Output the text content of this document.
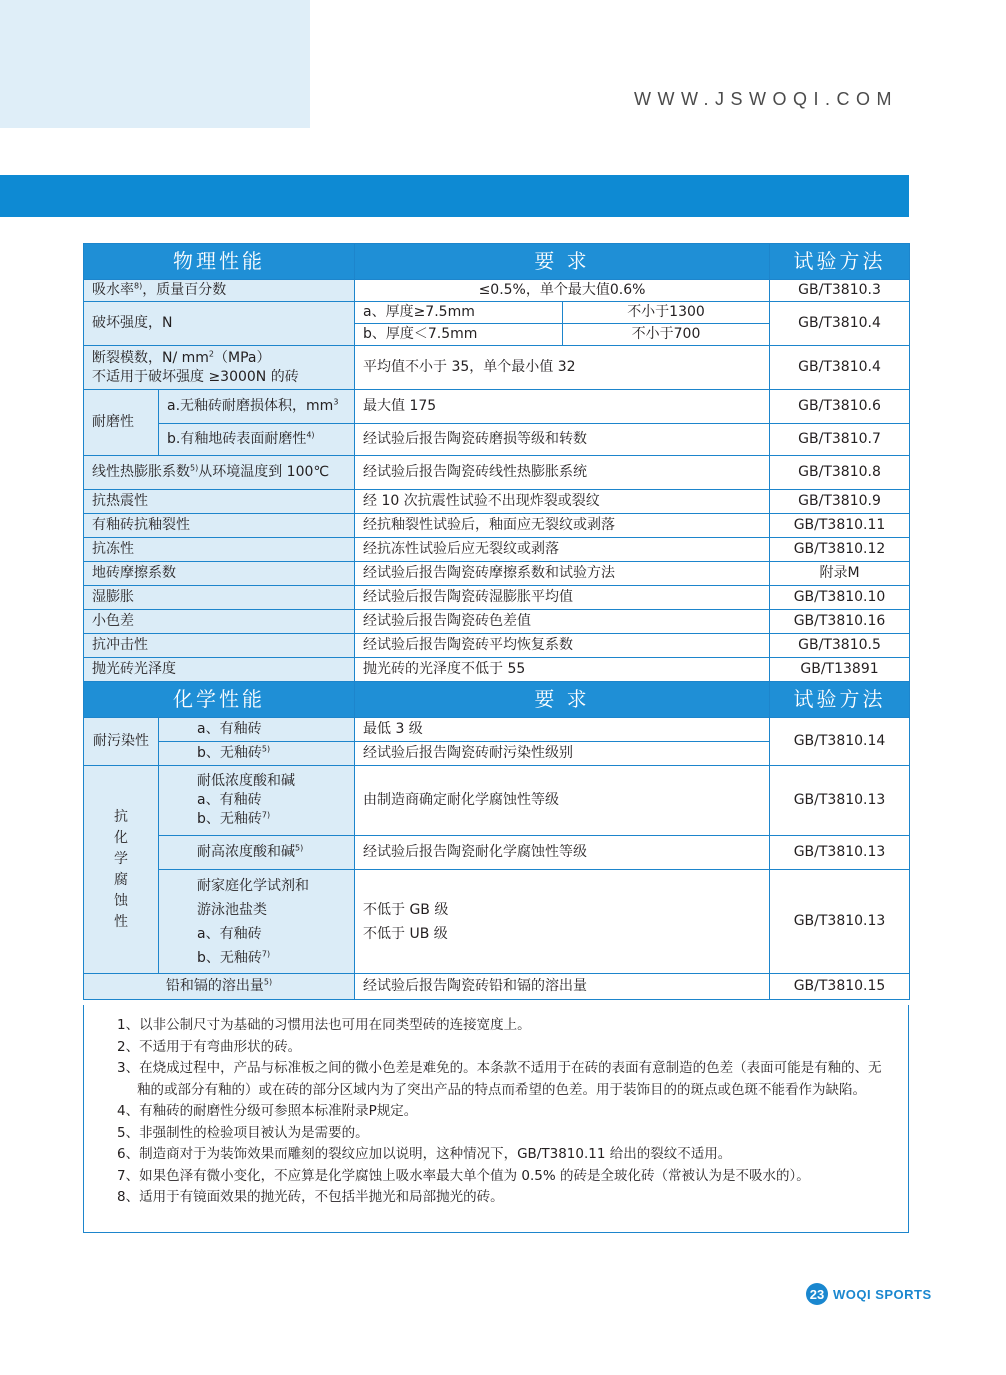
WWW.JSWOQI.COM
物理性能		要 求		试验方法
吸水率$^{8)}$，质量百分数		≤0.5%，单个最大值0.6%		GB/T3810.3
破坏强度，N		a、厚度≥7.5mm	不小于1300	GB/T3810.4
		b、厚度＜7.5mm	不小于700	

断裂模数，N/ $mm^2(MPa)$
不适用于破坏强度 ≥3000N 的砖		平均值不小于 35，单个最小值 32		GB/T3810.4
耐磨性	a.无釉砖耐磨损体积，$mm^3$	最大值 175		GB/T3810.6
	b.有釉地砖表面耐磨性$^{4)}$	经试验后报告陶瓷砖磨损等级和转数		GB/T3810.7
线性热膨胀系数$^{5)}$从环境温度到 100℃		经试验后报告陶瓷砖线性热膨胀系统		GB/T3810.8
抗热震性		经 10 次抗震性试验不出现炸裂或裂纹		GB/T3810.9
有釉砖抗釉裂性		经抗釉裂性试验后，釉面应无裂纹或剥落		GB/T3810.11
抗冻性		经抗冻性试验后应无裂纹或剥落		GB/T3810.12
地砖摩擦系数		经试验后报告陶瓷砖摩擦系数和试验方法		附录M
湿膨胀		经试验后报告陶瓷砖湿膨胀平均值		GB/T3810.10
小色差		经试验后报告陶瓷砖色差值		GB/T3810.16
抗冲击性		经试验后报告陶瓷砖平均恢复系数		GB/T3810.5
抛光砖光泽度		抛光砖的光泽度不低于 55		GB/T13891
化学性能		要 求		试验方法
耐污染性	a、有釉砖	最低 3 级		GB/T3810.14
	b、无釉砖$^{5)}$	经试验后报告陶瓷砖耐污染性级别		
抗化学腐蚀性	耐低浓度酸和碱
a、有釉砖
b、无釉砖$^{7)}$	由制造商确定耐化学腐蚀性等级		GB/T3810.13
	耐高浓度酸和碱$^{5)}$	经试验后报告陶瓷耐化学腐蚀性等级		GB/T3810.13

	耐家庭化学试剂和
游泳池盐类
a、有釉砖
b、无釉砖$^{7)}$	不低于 GB 级
不低于 UB 级		GB/T3810.13
铅和镉的溶出量$^{5)}$		经试验后报告陶瓷砖铅和镉的溶出量		GB/T3810.15
1、以非公制尺寸为基础的习惯用法也可用在同类型砖的连接宽度上。
2、不适用于有弯曲形状的砖。
3、在烧成过程中，产品与标准板之间的微小色差是难免的。本条款不适用于在砖的表面有意制造的色差（表面可能是有釉的、无釉的或部分有釉的）或在砖的部分区域内为了突出产品的特点而希望的色差。用于装饰目的的斑点或色斑不能看作为缺陷。
4、有釉砖的耐磨性分级可参照本标准附录P规定。
5、非强制性的检验项目被认为是需要的。
6、制造商对于为装饰效果而雕刻的裂纹应加以说明，这种情况下，GB/T3810.11 给出的裂纹不适用。
7、如果色泽有微小变化，不应算是化学腐蚀上吸水率最大单个值为 0.5% 的砖是全玻化砖（常被认为是不吸水的）。
8、适用于有镜面效果的抛光砖，不包括半抛光和局部抛光的砖。
23 WOQI SPORTS
